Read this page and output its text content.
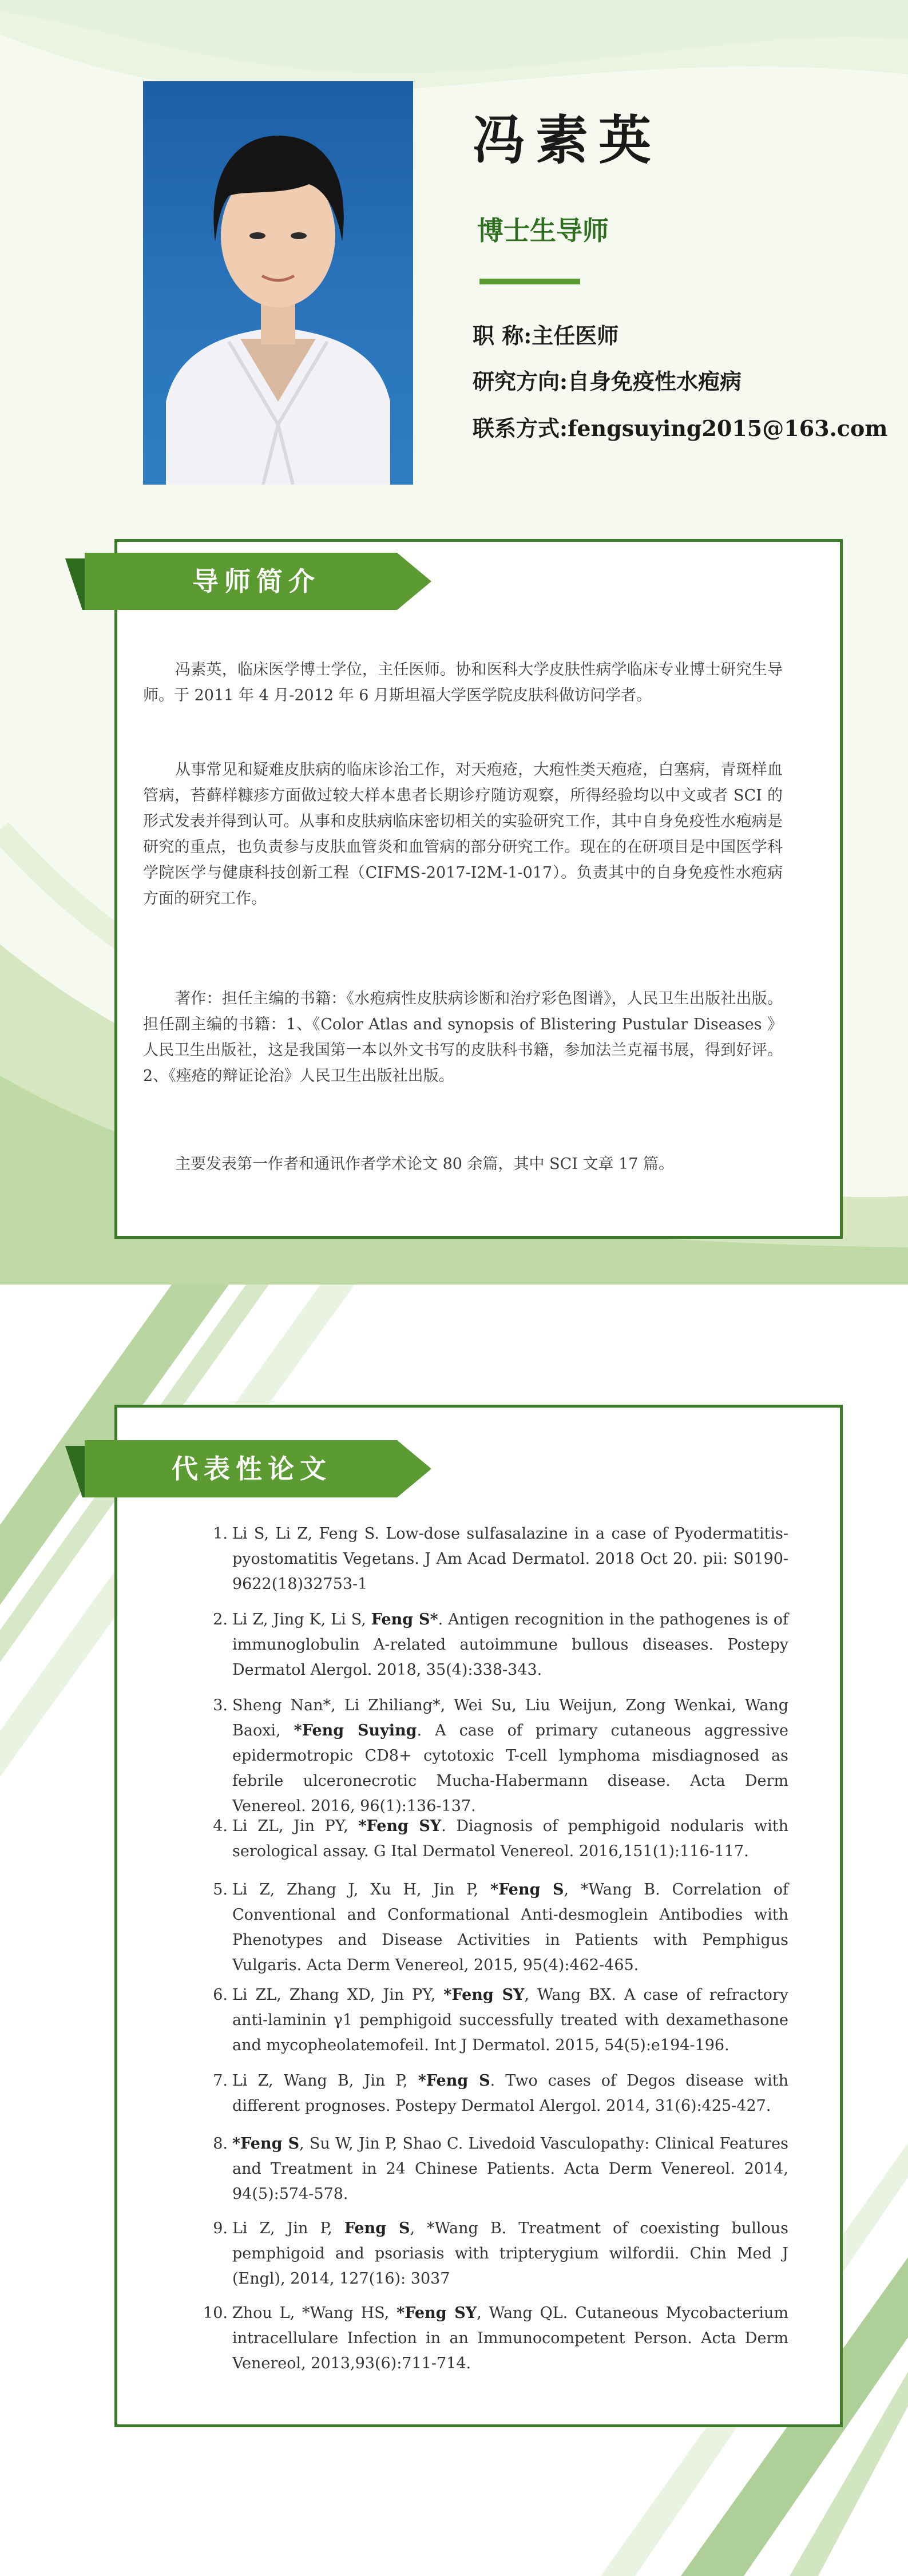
冯素英
博士生导师
职 称:主任医师
研究方向:自身免疫性水疱病
联系方式:fengsuying2015@163.com
导师简介

冯素英，临床医学博士学位，主任医师。协和医科大学皮肤性病学临床专业博士研究生导师。于 2011 年 4 月-2012 年 6 月斯坦福大学医学院皮肤科做访问学者。

从事常见和疑难皮肤病的临床诊治工作，对天疱疮，大疱性类天疱疮，白塞病，青斑样血管病，苔藓样糠疹方面做过较大样本患者长期诊疗随访观察，所得经验均以中文或者 SCI 的形式发表并得到认可。从事和皮肤病临床密切相关的实验研究工作，其中自身免疫性水疱病是研究的重点，也负责参与皮肤血管炎和血管病的部分研究工作。现在的在研项目是中国医学科学院医学与健康科技创新工程（CIFMS-2017-I2M-1-017）。负责其中的自身免疫性水疱病方面的研究工作。

著作：担任主编的书籍：《水疱病性皮肤病诊断和治疗彩色图谱》，人民卫生出版社出版。担任副主编的书籍：1、《Color Atlas and synopsis of Blistering Pustular Diseases 》人民卫生出版社，这是我国第一本以外文书写的皮肤科书籍，参加法兰克福书展，得到好评。2、《痤疮的辩证论治》人民卫生出版社出版。

主要发表第一作者和通讯作者学术论文 80 余篇，其中 SCI 文章 17 篇。

代表性论文
1. Li S, Li Z, Feng S. Low-dose sulfasalazine in a case of Pyodermatitis-pyostomatitis Vegetans. J Am Acad Dermatol. 2018 Oct 20. pii: S0190-9622(18)32753-1
2. Li Z, Jing K, Li S, Feng S*. Antigen recognition in the pathogenes is of immunoglobulin A-related autoimmune bullous diseases. Postepy Dermatol Alergol. 2018, 35(4):338-343.
3. Sheng Nan*, Li Zhiliang*, Wei Su, Liu Weijun, Zong Wenkai, Wang Baoxi, *Feng Suying. A case of primary cutaneous aggressive epidermotropic CD8+ cytotoxic T-cell lymphoma misdiagnosed as febrile ulceronecrotic Mucha-Habermann disease. Acta Derm Venereol. 2016, 96(1):136-137.
4. Li ZL, Jin PY, *Feng SY. Diagnosis of pemphigoid nodularis with serological assay. G Ital Dermatol Venereol. 2016,151(1):116-117.
5. Li Z, Zhang J, Xu H, Jin P, *Feng S, *Wang B. Correlation of Conventional and Conformational Anti-desmoglein Antibodies with Phenotypes and Disease Activities in Patients with Pemphigus Vulgaris. Acta Derm Venereol, 2015, 95(4):462-465.
6. Li ZL, Zhang XD, Jin PY, *Feng SY, Wang BX. A case of refractory anti-laminin γ1 pemphigoid successfully treated with dexamethasone and mycopheolatemofeil. Int J Dermatol. 2015, 54(5):e194-196.
7. Li Z, Wang B, Jin P, *Feng S. Two cases of Degos disease with different prognoses. Postepy Dermatol Alergol. 2014, 31(6):425-427.
8. *Feng S, Su W, Jin P, Shao C. Livedoid Vasculopathy: Clinical Features and Treatment in 24 Chinese Patients. Acta Derm Venereol. 2014, 94(5):574-578.
9. Li Z, Jin P, Feng S, *Wang B. Treatment of coexisting bullous pemphigoid and psoriasis with tripterygium wilfordii. Chin Med J (Engl), 2014, 127(16): 3037
10. Zhou L, *Wang HS, *Feng SY, Wang QL. Cutaneous Mycobacterium intracellulare Infection in an Immunocompetent Person. Acta Derm Venereol, 2013,93(6):711-714.
